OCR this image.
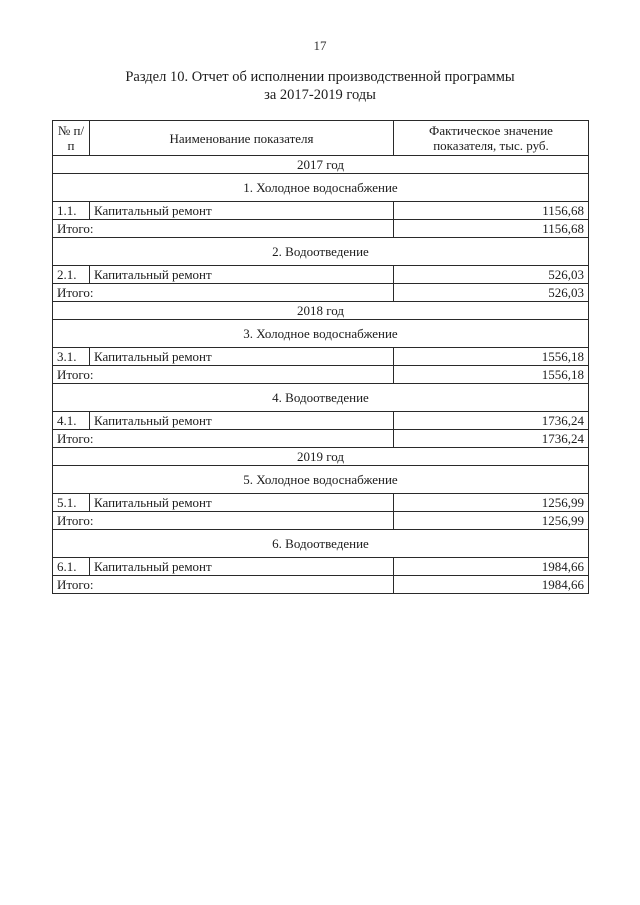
17
Раздел 10. Отчет об исполнении производственной программы
за 2017-2019 годы
№ п/п	Наименование показателя	Фактическое значение показателя, тыс. руб.
2017 год		
1. Холодное водоснабжение		
1.1.	Капитальный ремонт	1156,68
Итого:		1156,68
2. Водоотведение		
2.1.	Капитальный ремонт	526,03
Итого:		526,03
2018 год		
3. Холодное водоснабжение		
3.1.	Капитальный ремонт	1556,18
Итого:		1556,18
4. Водоотведение		
4.1.	Капитальный ремонт	1736,24
Итого:		1736,24
2019 год		
5. Холодное водоснабжение		
5.1.	Капитальный ремонт	1256,99
Итого:		1256,99
6. Водоотведение		
6.1.	Капитальный ремонт	1984,66
Итого:		1984,66
